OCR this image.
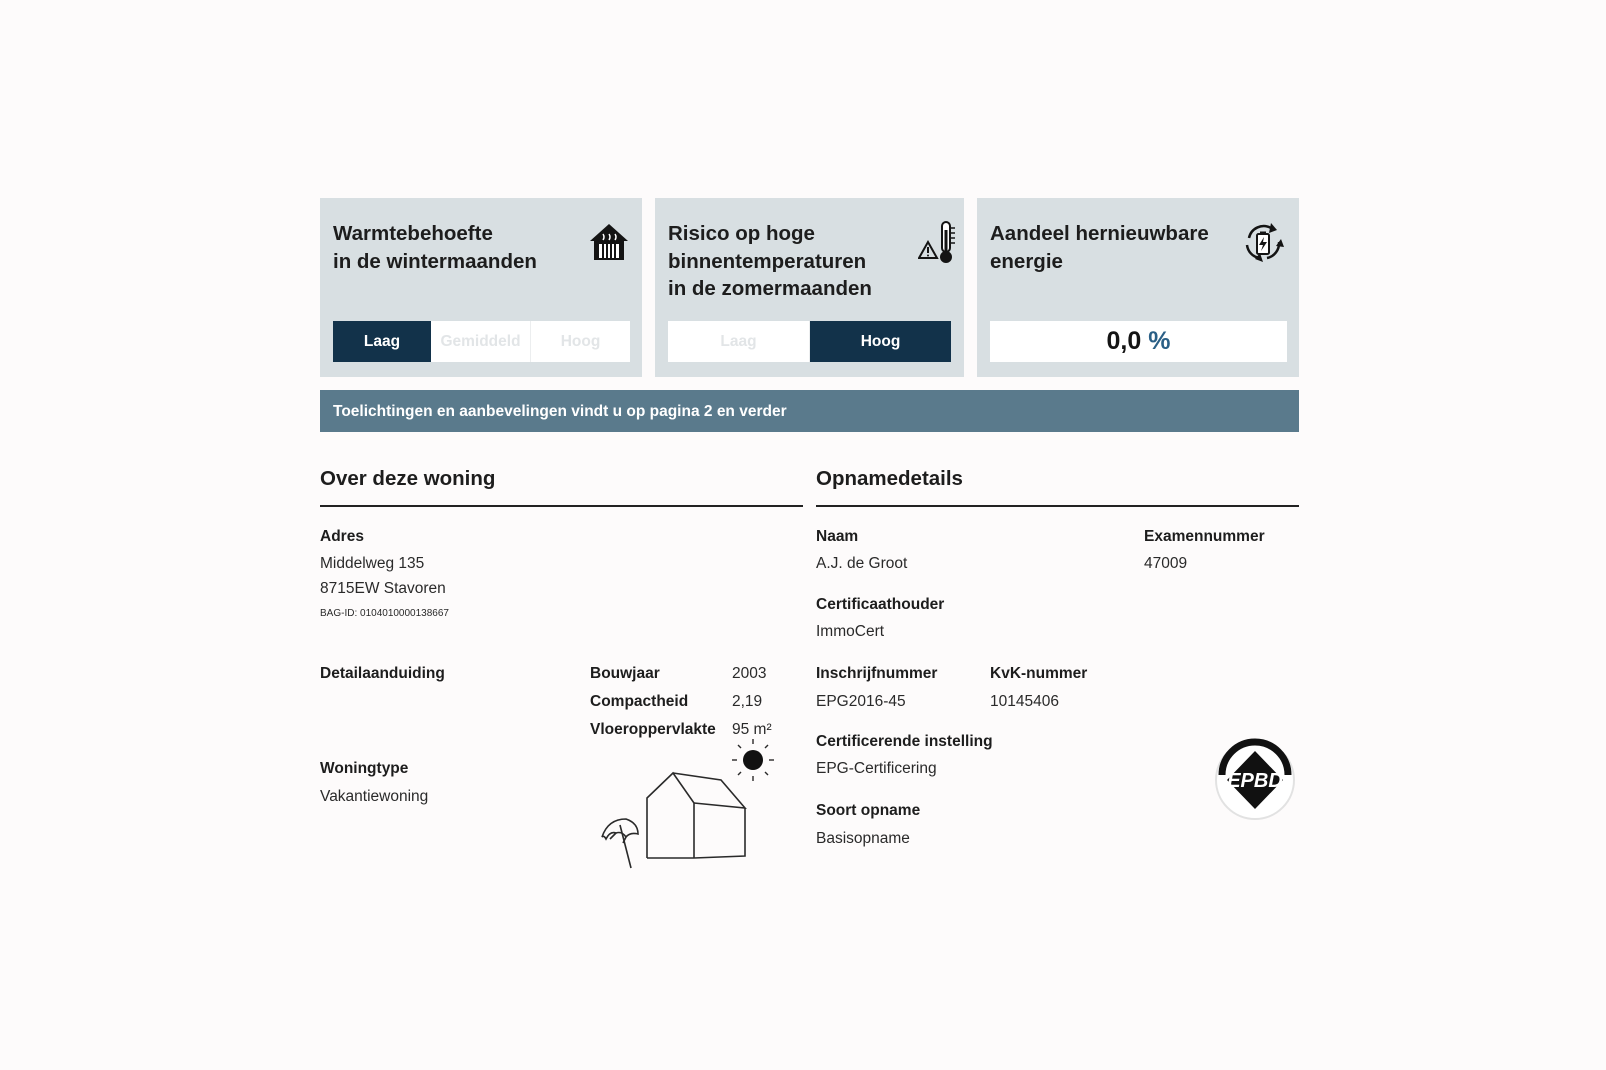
Warmtebehoefte
in de wintermaanden
Laag	Gemiddeld	Hoog
Risico op hoge
binnentemperaturen
in de zomermaanden
Laag	Hoog
Aandeel hernieuwbare
energie
0,0 %
Toelichtingen en aanbevelingen vindt u op pagina 2 en verder
Over deze woning
Adres
Middelweg 135
8715EW Stavoren
BAG-ID: 0104010000138667
Detailaanduiding	Bouwjaar	2003
Compactheid	2,19
Vloeroppervlakte 95 m²
Woningtype
Vakantiewoning
Opnamedetails
Naam
A.J. de Groot
Examennummer
47009
Certificaathouder
ImmoCert
Inschrijfnummer
EPG2016-45
KvK-nummer
10145406
Certificerende instelling
EPG-Certificering
Soort opname
Basisopname
EPBD
